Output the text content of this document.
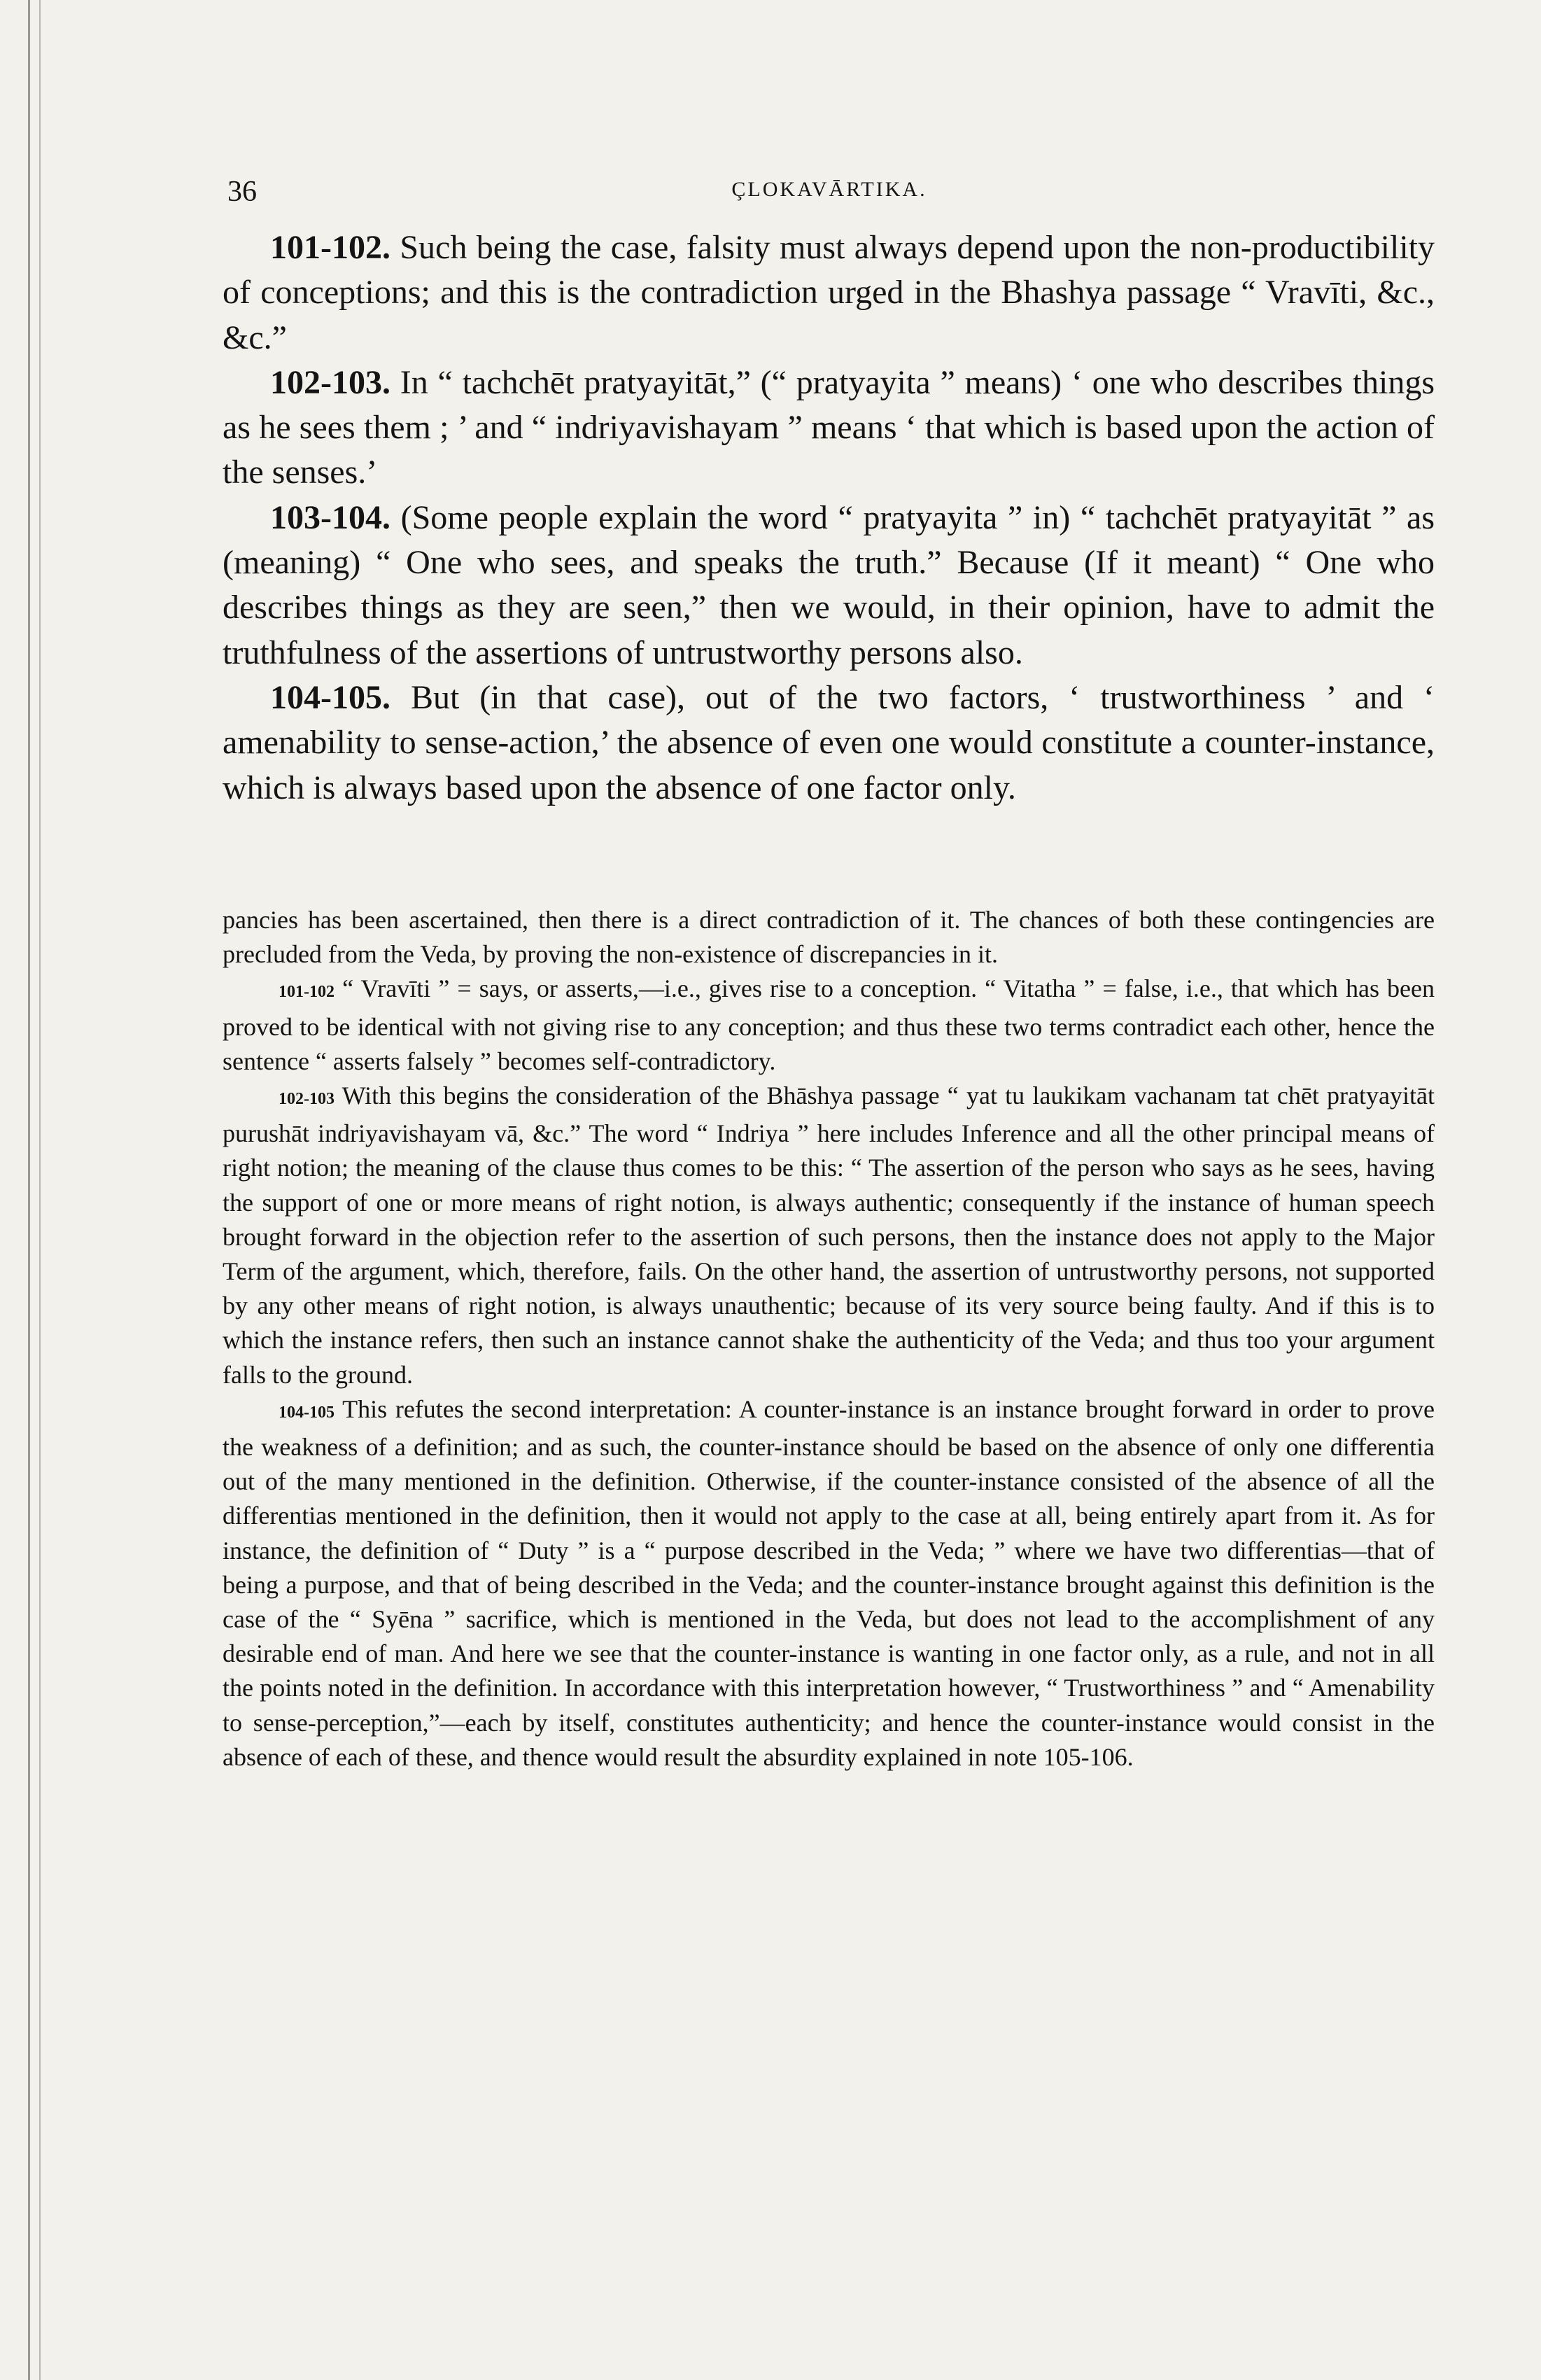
36	ÇLOKAVĀRTIKA.

101-102. Such being the case, falsity must always depend upon the non-productibility of conceptions; and this is the contradiction urged in the Bhashya passage “ Vravīti, &c., &c.”

102-103. In “ tachchēt pratyayitāt,” (“ pratyayita ” means) ‘ one who describes things as he sees them ; ’ and “ indriyavishayam ” means ‘ that which is based upon the action of the senses.’

103-104. (Some people explain the word “ pratyayita ” in) “ tachchēt pratyayitāt ” as (meaning) “ One who sees, and speaks the truth.” Because (If it meant) “ One who describes things as they are seen,” then we would, in their opinion, have to admit the truthfulness of the assertions of untrustworthy persons also.

104-105. But (in that case), out of the two factors, ‘ trustworthiness ’ and ‘ amenability to sense-action,’ the absence of even one would constitute a counter-instance, which is always based upon the absence of one factor only.

pancies has been ascertained, then there is a direct contradiction of it. The chances of both these contingencies are precluded from the Veda, by proving the non-existence of discrepancies in it.

101-102 “ Vravīti ” = says, or asserts,—i.e., gives rise to a conception. “ Vitatha ” = false, i.e., that which has been proved to be identical with not giving rise to any conception; and thus these two terms contradict each other, hence the sentence “ asserts falsely ” becomes self-contradictory.

102-103 With this begins the consideration of the Bhāshya passage “ yat tu laukikam vachanam tat chēt pratyayitāt purushāt indriyavishayam vā, &c.” The word “ Indriya ” here includes Inference and all the other principal means of right notion; the meaning of the clause thus comes to be this: “ The assertion of the person who says as he sees, having the support of one or more means of right notion, is always authentic; consequently if the instance of human speech brought forward in the objection refer to the assertion of such persons, then the instance does not apply to the Major Term of the argument, which, therefore, fails. On the other hand, the assertion of untrustworthy persons, not supported by any other means of right notion, is always unauthentic; because of its very source being faulty. And if this is to which the instance refers, then such an instance cannot shake the authenticity of the Veda; and thus too your argument falls to the ground.

104-105 This refutes the second interpretation: A counter-instance is an instance brought forward in order to prove the weakness of a definition; and as such, the counter-instance should be based on the absence of only one differentia out of the many mentioned in the definition. Otherwise, if the counter-instance consisted of the absence of all the differentias mentioned in the definition, then it would not apply to the case at all, being entirely apart from it. As for instance, the definition of “ Duty ” is a “ purpose described in the Veda; ” where we have two differentias—that of being a purpose, and that of being described in the Veda; and the counter-instance brought against this definition is the case of the “ Syēna ” sacrifice, which is mentioned in the Veda, but does not lead to the accomplishment of any desirable end of man. And here we see that the counter-instance is wanting in one factor only, as a rule, and not in all the points noted in the definition. In accordance with this interpretation however, “ Trustworthiness ” and “ Amenability to sense-perception,”—each by itself, constitutes authenticity; and hence the counter-instance would consist in the absence of each of these, and thence would result the absurdity explained in note 105-106.
